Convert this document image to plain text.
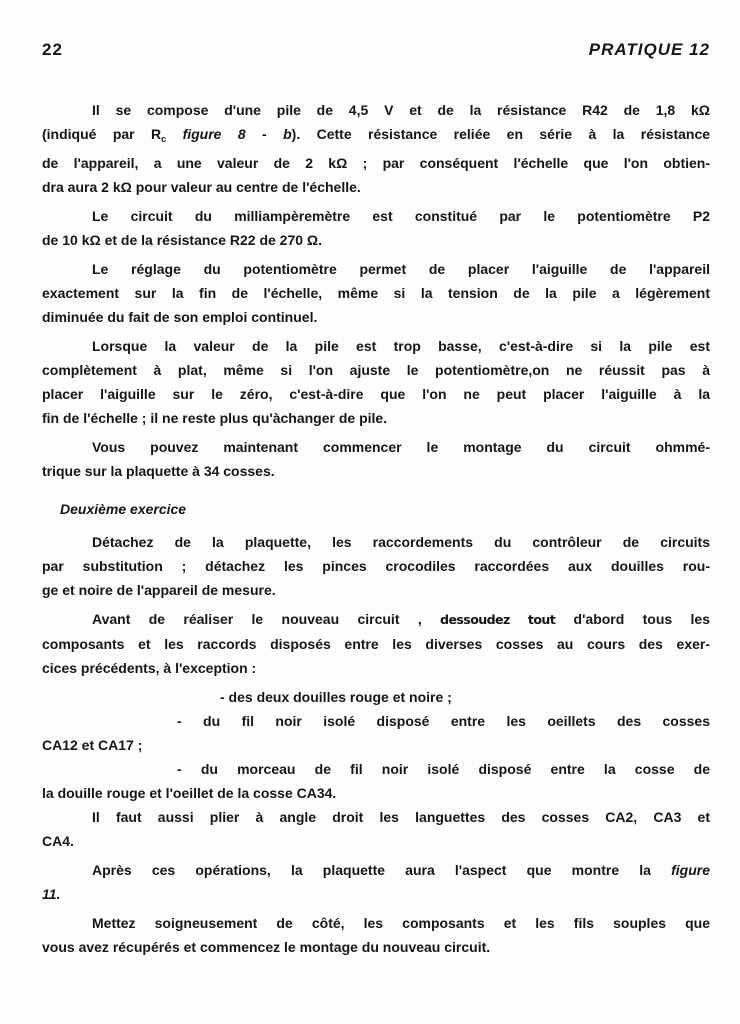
22	PRATIQUE 12
Il se compose d'une pile de 4,5 V et de la résistance R42 de 1,8 kΩ
(indiqué par $R_c$ figure 8 - b). Cette résistance reliée en série à la résistance
de l'appareil, a une valeur de 2 kΩ ; par conséquent l'échelle que l'on obtien-
dra aura 2 kΩ pour valeur au centre de l'échelle.
Le circuit du milliampèremètre est constitué par le potentiomètre P2
de 10 kΩ et de la résistance R22 de 270 Ω.
Le réglage du potentiomètre permet de placer l'aiguille de l'appareil
exactement sur la fin de l'échelle, même si la tension de la pile a légèrement
diminuée du fait de son emploi continuel.
Lorsque la valeur de la pile est trop basse, c'est-à-dire si la pile est
complètement à plat, même si l'on ajuste le potentiomètre,on ne réussit pas à
placer l'aiguille sur le zéro, c'est-à-dire que l'on ne peut placer l'aiguille à la
fin de l'échelle ; il ne reste plus qu'àchanger de pile.
Vous pouvez maintenant commencer le montage du circuit ohmmé-
trique sur la plaquette à 34 cosses.
Deuxième exercice
Détachez de la plaquette, les raccordements du contrôleur de circuits
par substitution ; détachez les pinces crocodiles raccordées aux douilles rou-
ge et noire de l'appareil de mesure.
Avant de réaliser le nouveau circuit , dessoudez tout d'abord tous les
composants et les raccords disposés entre les diverses cosses au cours des exer-
cices précédents, à l'exception :
- des deux douilles rouge et noire ;
- du fil noir isolé disposé entre les oeillets des cosses
CA12 et CA17 ;
- du morceau de fil noir isolé disposé entre la cosse de
la douille rouge et l'oeillet de la cosse CA34.
Il faut aussi plier à angle droit les languettes des cosses CA2, CA3 et
CA4.
Après ces opérations, la plaquette aura l'aspect que montre la figure
11.
Mettez soigneusement de côté, les composants et les fils souples que
vous avez récupérés et commencez le montage du nouveau circuit.
